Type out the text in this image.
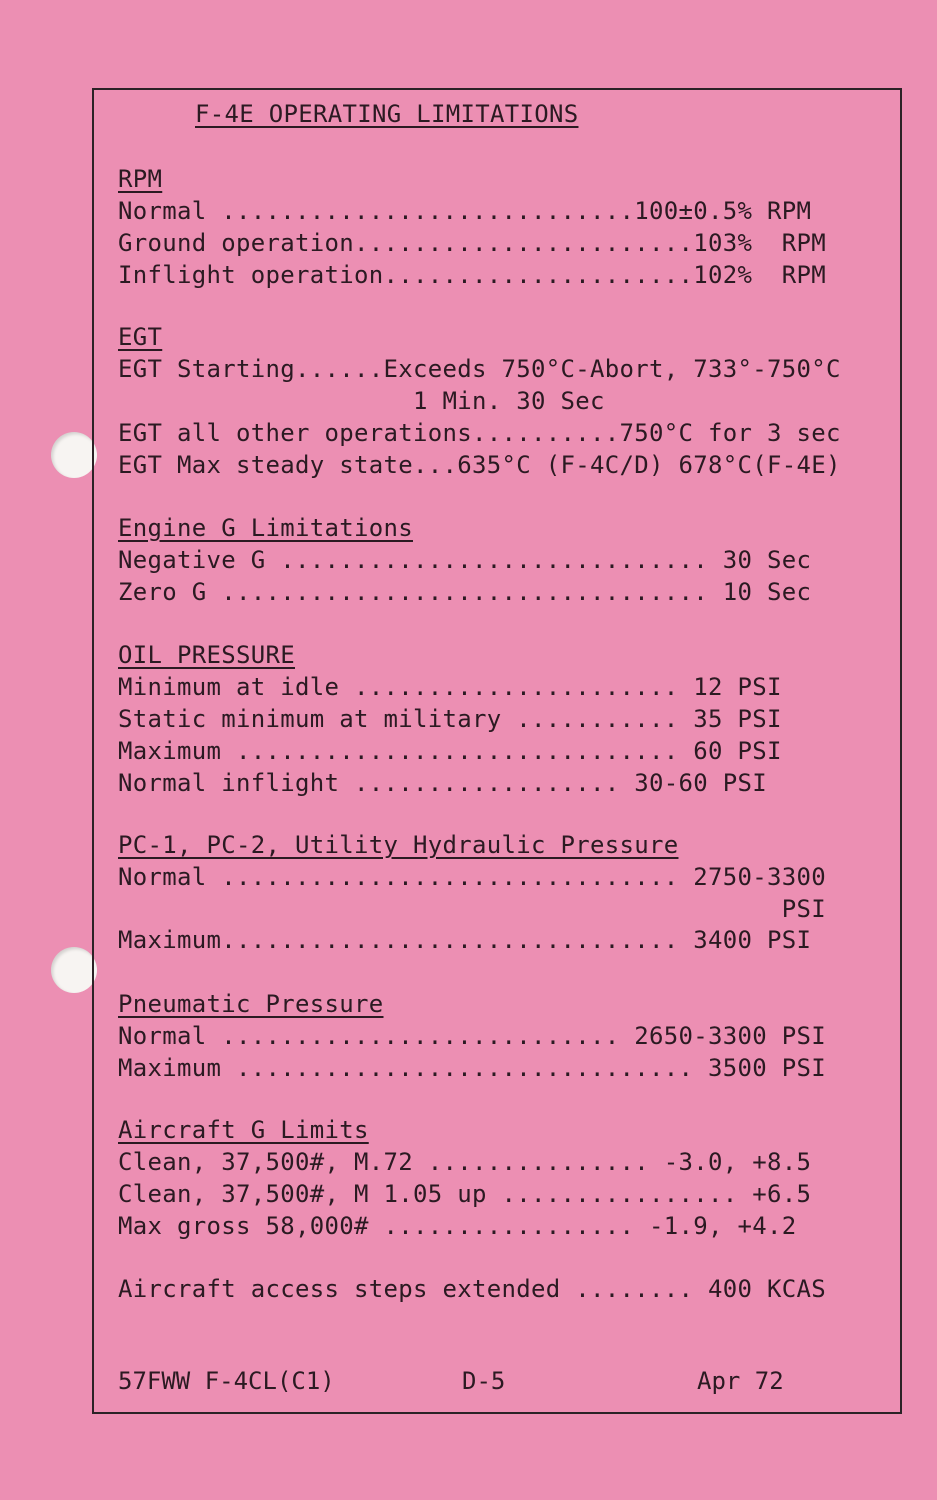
F-4E OPERATING LIMITATIONS
RPM
Normal ............................100±0.5% RPM
Ground operation.......................103%  RPM
Inflight operation.....................102%  RPM
EGT
EGT Starting......Exceeds 750°C-Abort, 733°-750°C
1 Min. 30 Sec
EGT all other operations..........750°C for 3 sec
EGT Max steady state...635°C (F-4C/D) 678°C(F-4E)
Engine G Limitations
Negative G ............................. 30 Sec
Zero G ................................. 10 Sec
OIL PRESSURE
Minimum at idle ...................... 12 PSI
Static minimum at military ........... 35 PSI
Maximum .............................. 60 PSI
Normal inflight .................. 30-60 PSI
PC-1, PC-2, Utility Hydraulic Pressure
Normal ............................... 2750-3300
PSI
Maximum............................... 3400 PSI
Pneumatic Pressure
Normal ........................... 2650-3300 PSI
Maximum ............................... 3500 PSI
Aircraft G Limits
Clean, 37,500#, M.72 ............... -3.0, +8.5
Clean, 37,500#, M 1.05 up ................ +6.5
Max gross 58,000# ................. -1.9, +4.2
Aircraft access steps extended ........ 400 KCAS
57FWW F-4CL(C1)	D-5	Apr 72
